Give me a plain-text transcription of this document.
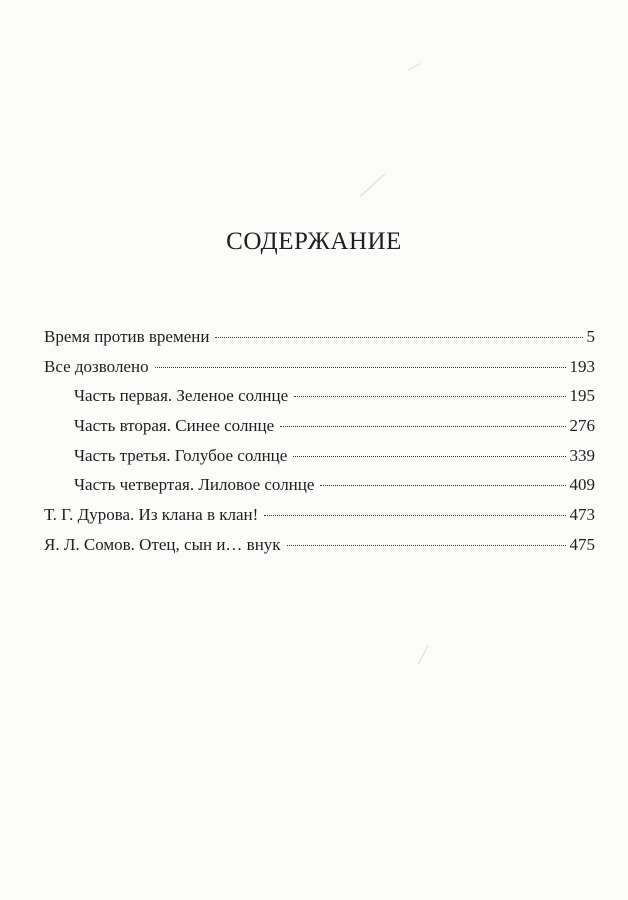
СОДЕРЖАНИЕ
Время против времени	5
Все дозволено	193
Часть первая. Зеленое солнце	195
Часть вторая. Синее солнце	276
Часть третья. Голубое солнце	339
Часть четвертая. Лиловое солнце	409
Т. Г. Дурова. Из клана в клан!	473
Я. Л. Сомов. Отец, сын и… внук	475
